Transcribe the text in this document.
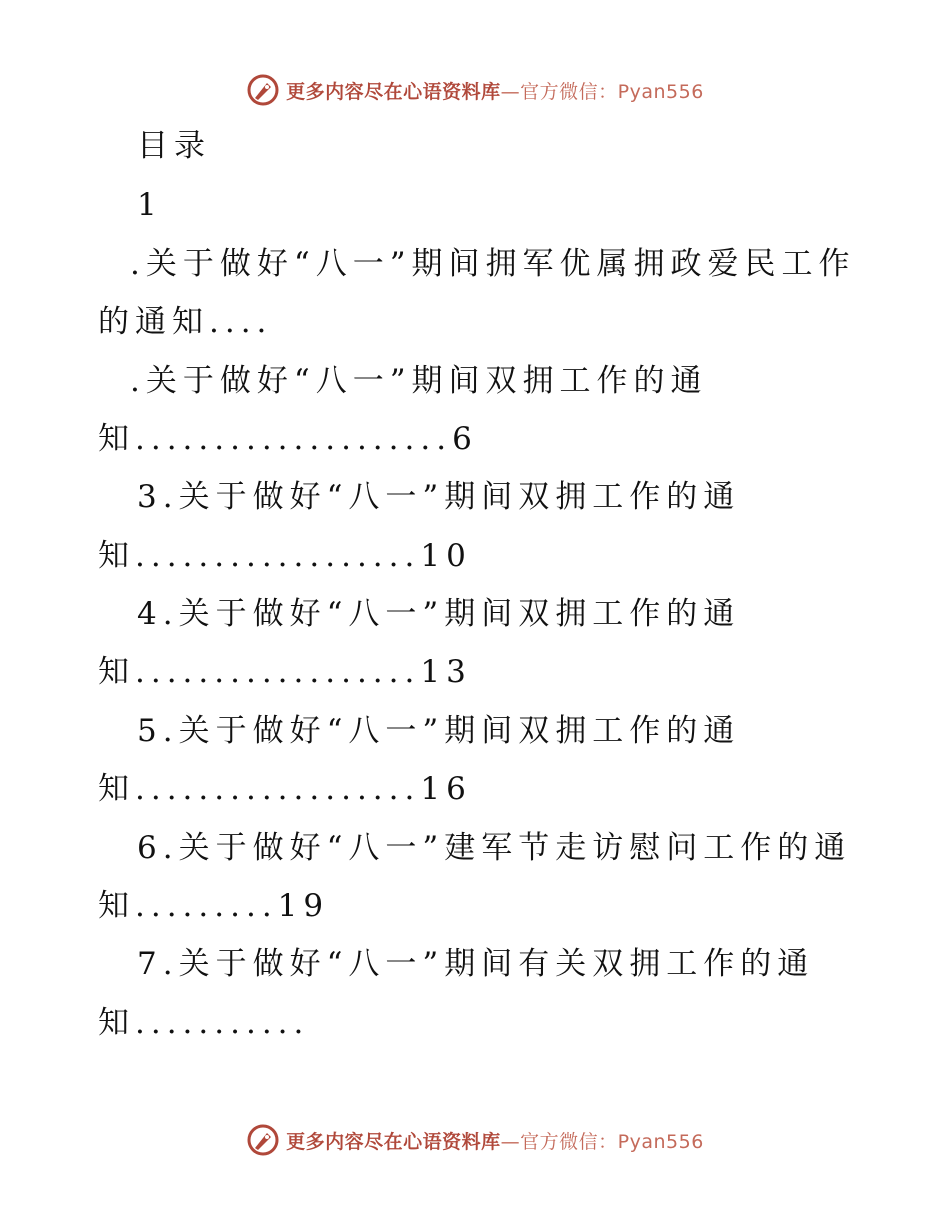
更多内容尽在心语资料库—官方微信：Pyan556
目录
1
.关于做好“八一”期间拥军优属拥政爱民工作
的通知....
.关于做好“八一”期间双拥工作的通
知....................6
3.关于做好“八一”期间双拥工作的通
知..................10
4.关于做好“八一”期间双拥工作的通
知..................13
5.关于做好“八一”期间双拥工作的通
知..................16
6.关于做好“八一”建军节走访慰问工作的通
知.........19
7.关于做好“八一”期间有关双拥工作的通
知...........
更多内容尽在心语资料库—官方微信：Pyan556
